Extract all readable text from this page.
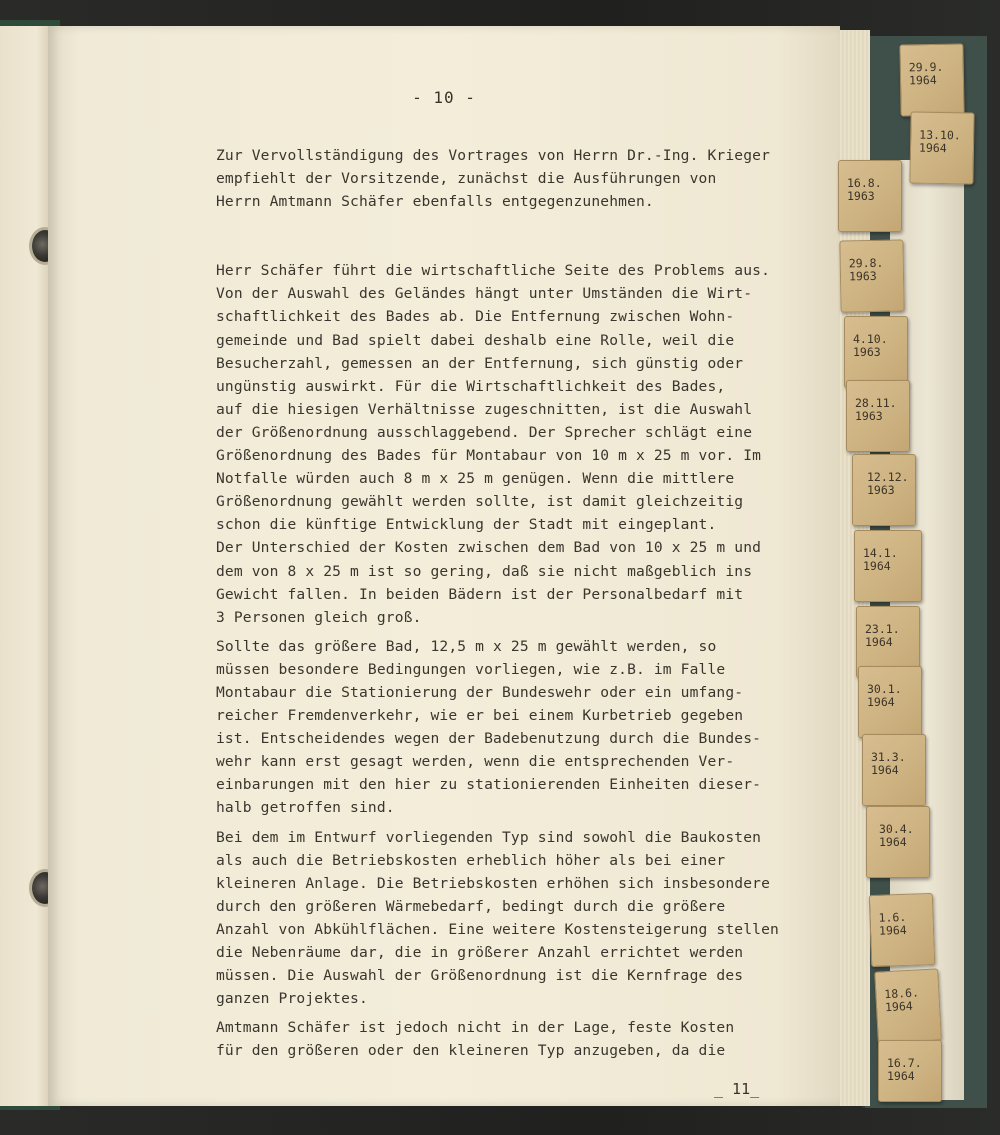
- 10 -
Zur Vervollständigung des Vortrages von Herrn Dr.-Ing. Krieger
empfiehlt der Vorsitzende, zunächst die Ausführungen von
Herrn Amtmann Schäfer ebenfalls entgegenzunehmen.
Herr Schäfer führt die wirtschaftliche Seite des Problems aus.
Von der Auswahl des Geländes hängt unter Umständen die Wirt-
schaftlichkeit des Bades ab. Die Entfernung zwischen Wohn-
gemeinde und Bad spielt dabei deshalb eine Rolle, weil die
Besucherzahl, gemessen an der Entfernung, sich günstig oder
ungünstig auswirkt. Für die Wirtschaftlichkeit des Bades,
auf die hiesigen Verhältnisse zugeschnitten, ist die Auswahl
der Größenordnung ausschlaggebend. Der Sprecher schlägt eine
Größenordnung des Bades für Montabaur von 10 m x 25 m vor. Im
Notfalle würden auch 8 m x 25 m genügen. Wenn die mittlere
Größenordnung gewählt werden sollte, ist damit gleichzeitig
schon die künftige Entwicklung der Stadt mit eingeplant.
Der Unterschied der Kosten zwischen dem Bad von 10 x 25 m und
dem von 8 x 25 m ist so gering, daß sie nicht maßgeblich ins
Gewicht fallen. In beiden Bädern ist der Personalbedarf mit
3 Personen gleich groß.
Sollte das größere Bad, 12,5 m x 25 m gewählt werden, so
müssen besondere Bedingungen vorliegen, wie z.B. im Falle
Montabaur die Stationierung der Bundeswehr oder ein umfang-
reicher Fremdenverkehr, wie er bei einem Kurbetrieb gegeben
ist. Entscheidendes wegen der Badebenutzung durch die Bundes-
wehr kann erst gesagt werden, wenn die entsprechenden Ver-
einbarungen mit den hier zu stationierenden Einheiten dieser-
halb getroffen sind.
Bei dem im Entwurf vorliegenden Typ sind sowohl die Baukosten
als auch die Betriebskosten erheblich höher als bei einer
kleineren Anlage. Die Betriebskosten erhöhen sich insbesondere
durch den größeren Wärmebedarf, bedingt durch die größere
Anzahl von Abkühlflächen. Eine weitere Kostensteigerung stellen
die Nebenräume dar, die in größerer Anzahl errichtet werden
müssen. Die Auswahl der Größenordnung ist die Kernfrage des
ganzen Projektes.
Amtmann Schäfer ist jedoch nicht in der Lage, feste Kosten
für den größeren oder den kleineren Typ anzugeben, da die
_ 11_
29.9.
1964
13.10.
1964
16.8.
1963
29.8.
1963
4.10.
1963
28.11.
1963
12.12.
1963
14.1.
1964
23.1.
1964
30.1.
1964
31.3.
1964
30.4.
1964
1.6.
1964
18.6.
1964
16.7.
1964
